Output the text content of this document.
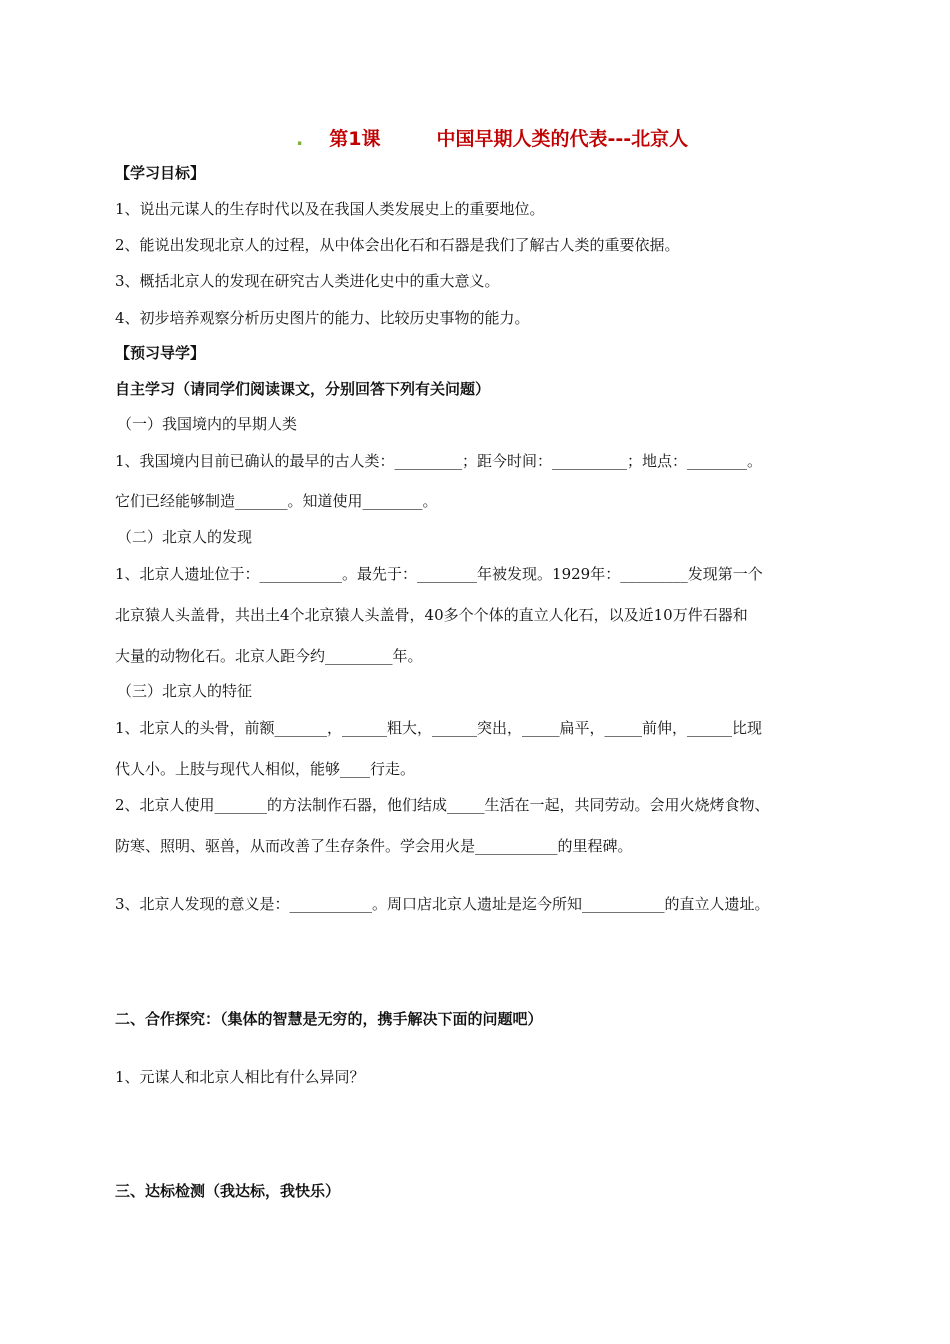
. 第1课	中国早期人类的代表---北京人
【学习目标】
1、说出元谋人的生存时代以及在我国人类发展史上的重要地位。
2、能说出发现北京人的过程，从中体会出化石和石器是我们了解古人类的重要依据。
3、概括北京人的发现在研究古人类进化史中的重大意义。
4、初步培养观察分析历史图片的能力、比较历史事物的能力。
【预习导学】
自主学习（请同学们阅读课文，分别回答下列有关问题）
（一）我国境内的早期人类
1、我国境内目前已确认的最早的古人类：_________；距今时间：__________；地点：________。
它们已经能够制造_______。知道使用________。
（二）北京人的发现
1、北京人遗址位于：___________。最先于：________年被发现。1929年：_________发现第一个
北京猿人头盖骨，共出土4个北京猿人头盖骨，40多个个体的直立人化石，以及近10万件石器和
大量的动物化石。北京人距今约_________年。
（三）北京人的特征
1、北京人的头骨，前额_______，______粗大，______突出，_____扁平，_____前伸，______比现
代人小。上肢与现代人相似，能够____行走。
2、北京人使用_______的方法制作石器，他们结成_____生活在一起，共同劳动。会用火烧烤食物、
防寒、照明、驱兽，从而改善了生存条件。学会用火是___________的里程碑。
3、北京人发现的意义是：___________。周口店北京人遗址是迄今所知___________的直立人遗址。
二、合作探究：（集体的智慧是无穷的，携手解决下面的问题吧）
1、元谋人和北京人相比有什么异同？
三、达标检测（我达标，我快乐）
